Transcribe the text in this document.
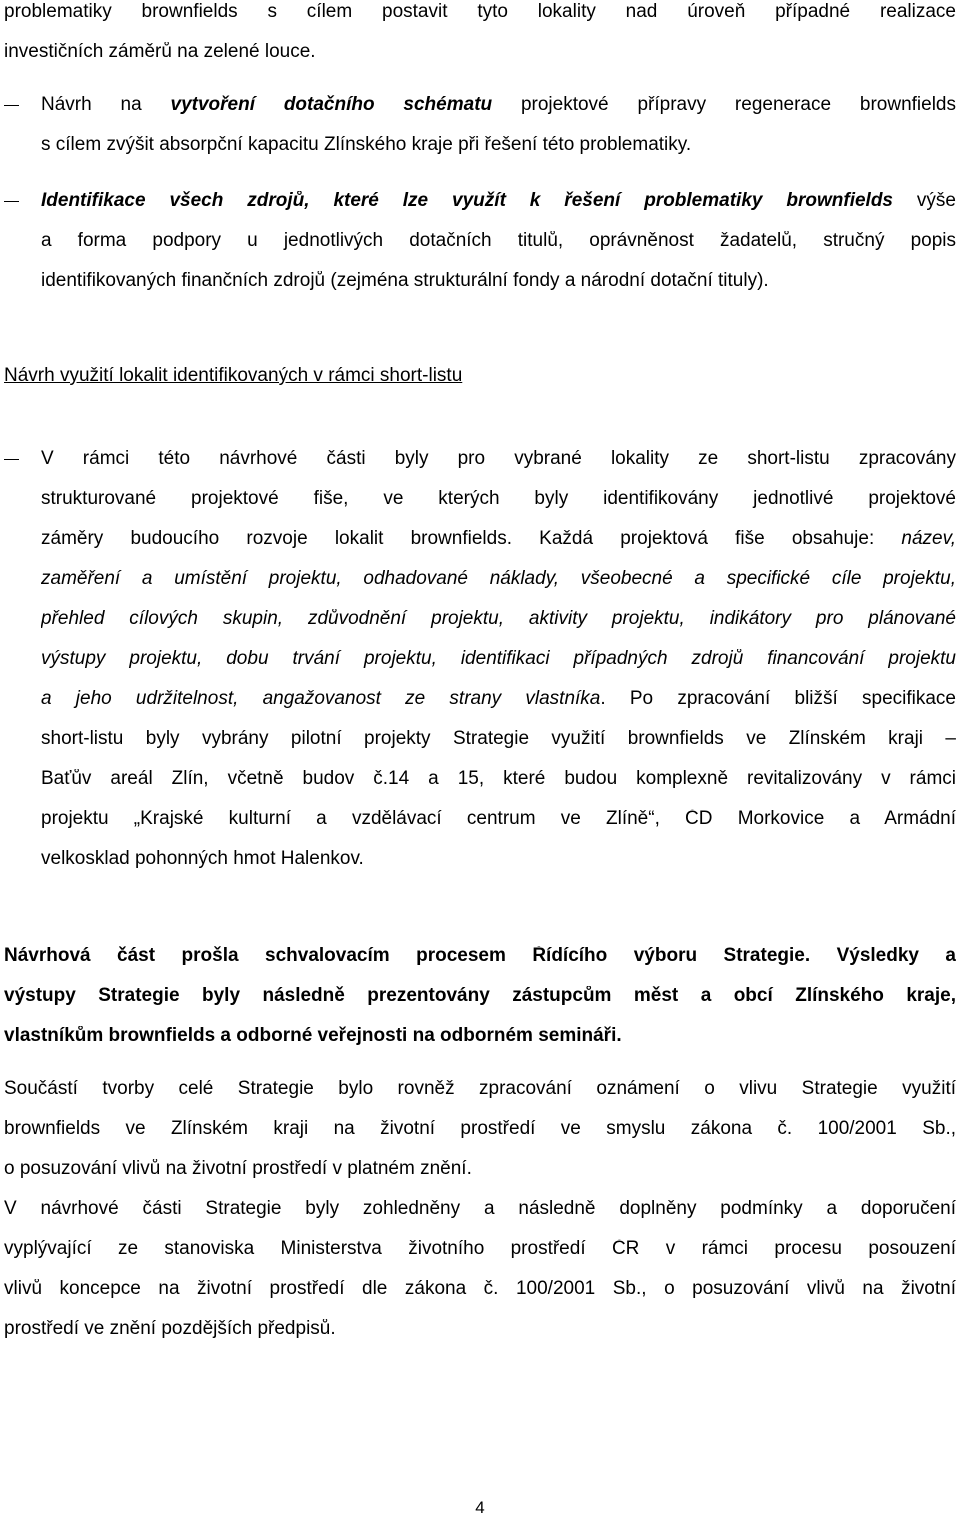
problematiky brownfields s cílem postavit tyto lokality nad úroveň případné realizace
investičních záměrů na zelené louce.
Návrh na vytvoření dotačního schématu projektové přípravy regenerace brownfields
s cílem zvýšit absorpční kapacitu Zlínského kraje při řešení této problematiky.
Identifikace všech zdrojů, které lze využít k řešení problematiky brownfields výše
a forma podpory u jednotlivých dotačních titulů, oprávněnost žadatelů, stručný popis
identifikovaných finančních zdrojů (zejména strukturální fondy a národní dotační tituly).
Návrh využití lokalit identifikovaných v rámci short-listu
V rámci této návrhové části byly pro vybrané lokality ze short-listu zpracovány
strukturované projektové fiše, ve kterých byly identifikovány jednotlivé projektové
záměry budoucího rozvoje lokalit brownfields. Každá projektová fiše obsahuje: název,
zaměření a umístění projektu, odhadované náklady, všeobecné a specifické cíle projektu,
přehled cílových skupin, zdůvodnění projektu, aktivity projektu, indikátory pro plánované
výstupy projektu, dobu trvání projektu, identifikaci případných zdrojů financování projektu
a jeho udržitelnost, angažovanost ze strany vlastníka. Po zpracování bližší specifikace
short-listu byly vybrány pilotní projekty Strategie využití brownfields ve Zlínském kraji –
Baťův areál Zlín, včetně budov č.14 a 15, které budou komplexně revitalizovány v rámci
projektu „Krajské kulturní a vzdělávací centrum ve Zlíně“, ČD Morkovice a Armádní
velkosklad pohonných hmot Halenkov.
Návrhová část prošla schvalovacím procesem Řídícího výboru Strategie. Výsledky a
výstupy Strategie byly následně prezentovány zástupcům měst a obcí Zlínského kraje,
vlastníkům brownfields a odborné veřejnosti na odborném semináři.
Součástí tvorby celé Strategie bylo rovněž zpracování oznámení o vlivu Strategie využití
brownfields ve Zlínském kraji na životní prostředí ve smyslu zákona č. 100/2001 Sb.,
o posuzování vlivů na životní prostředí v platném znění.
V návrhové části Strategie byly zohledněny a následně doplněny podmínky a doporučení
vyplývající ze stanoviska Ministerstva životního prostředí ČR v rámci procesu posouzení
vlivů koncepce na životní prostředí dle zákona č. 100/2001 Sb., o posuzování vlivů na životní
prostředí ve znění pozdějších předpisů.
4
